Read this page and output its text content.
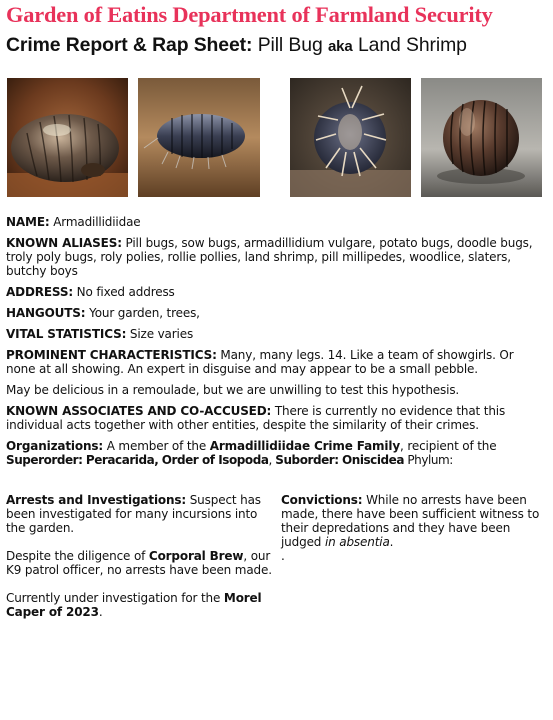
Garden of Eatins Department of Farmland Security
Crime Report & Rap Sheet: Pill Bug aka Land Shrimp

NAME: Armadillidiidae

KNOWN ALIASES: Pill bugs, sow bugs, armadillidium vulgare, potato bugs, doodle bugs, troly poly bugs, roly polies, rollie pollies, land shrimp, pill millipedes, woodlice, slaters, butchy boys

ADDRESS: No fixed address

HANGOUTS: Your garden, trees,

VITAL STATISTICS: Size varies

PROMINENT CHARACTERISTICS: Many, many legs. 14. Like a team of showgirls. Or none at all showing. An expert in disguise and may appear to be a small pebble.

May be delicious in a remoulade, but we are unwilling to test this hypothesis.

KNOWN ASSOCIATES AND CO-ACCUSED: There is currently no evidence that this individual acts together with other entities, despite the similarity of their crimes.

Organizations: A member of the Armadillidiidae Crime Family, recipient of the

Superorder: Peracarida, Order of Isopoda, Suborder: Oniscidea Phylum:

Arrests and Investigations: Suspect has been investigated for many incursions into the garden.

Despite the diligence of Corporal Brew, our K9 patrol officer, no arrests have been made.

Currently under investigation for the Morel Caper of 2023.

Convictions: While no arrests have been made, there have been sufficient witness to their depredations and they have been judged in absentia.

.
